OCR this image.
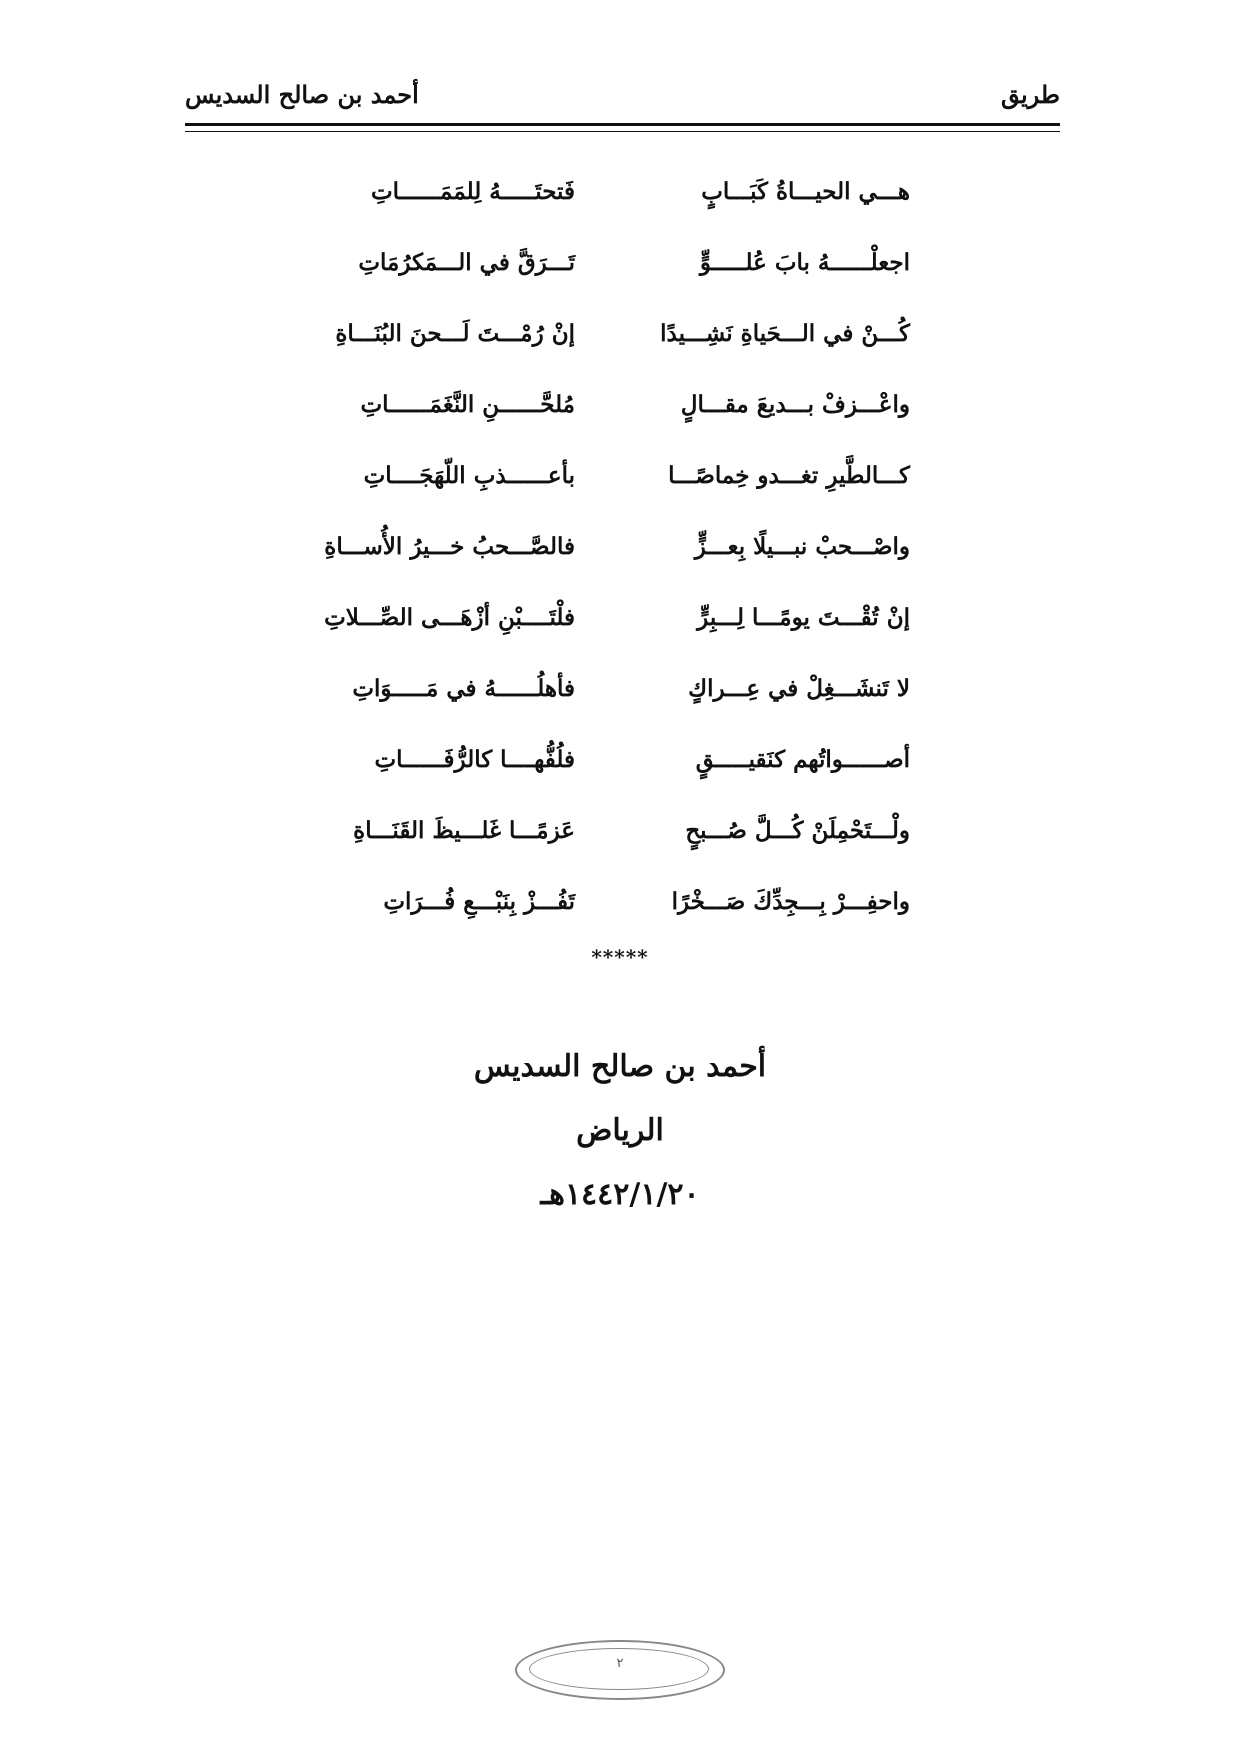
طريق
أحمد بن صالح السديس
هـــي الحيـــاةُ كَبَـــابٍ
فَتحتَـــــهُ لِلمَمَــــــاتِ
اجعلْــــــهُ بابَ عُلـــــوٍّ
تَـــرَقَّ في الـــمَكرُمَاتِ
كُـــنْ في الـــحَياةِ نَشِـــيدًا
إنْ رُمْـــتَ لَـــحنَ البُنَـــاةِ
واعْـــزفْ بـــديعَ مقـــالٍ
مُلحَّــــــنِ النَّغَمَــــــاتِ
كـــالطَّيرِ تغـــدو خِماصًـــا
بأعــــــذبِ اللّهَجَــــاتِ
واصْـــحبْ نبـــيلًا بِعـــزٍّ
فالصَّـــحبُ خـــيرُ الأُســـاةِ
إنْ تُقْـــتَ يومًـــا لِـــبِرٍّ
فلْتَــــبْنِ أزْهَـــى الصِّـــلاتِ
لا تَنشَـــغِلْ في عِـــراكٍ
فأهلُــــــهُ في مَـــــوَاتِ
أصــــــواتُهم كنَقيـــــقٍ
فلُفُّهــــا كالرُّفَــــــاتِ
ولْـــتَحْمِلَنْ كُـــلَّ صُـــبحٍ
عَزمًـــا غَلـــيظَ القَنَـــاةِ
واحفِـــرْ بِـــجِدِّكَ صَـــخْرًا
تَفُـــزْ بِنَبْـــعِ فُـــرَاتِ
*****
أحمد بن صالح السديس
الرياض
١٤٤٢/١/٢٠هـ
٢
